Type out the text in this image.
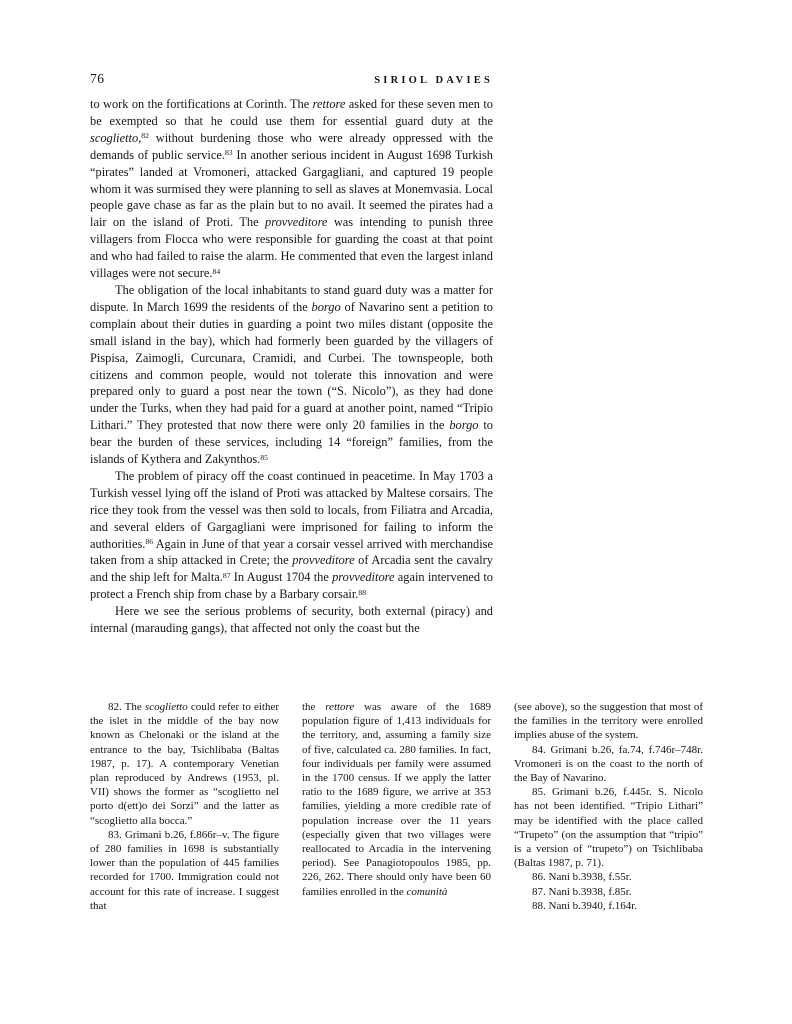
76	SIRIOL DAVIES

to work on the fortifications at Corinth. The rettore asked for these seven men to be exempted so that he could use them for essential guard duty at the scoglietto,$^{82}$ without burdening those who were already oppressed with the demands of public service.$^{83}$ In another serious incident in August 1698 Turkish “pirates” landed at Vromoneri, attacked Gargagliani, and captured 19 people whom it was surmised they were planning to sell as slaves at Monemvasia. Local people gave chase as far as the plain but to no avail. It seemed the pirates had a lair on the island of Proti. The provveditore was intending to punish three villagers from Flocca who were responsible for guarding the coast at that point and who had failed to raise the alarm. He commented that even the largest inland villages were not secure.$^{84}$

The obligation of the local inhabitants to stand guard duty was a matter for dispute. In March 1699 the residents of the borgo of Navarino sent a petition to complain about their duties in guarding a point two miles distant (opposite the small island in the bay), which had formerly been guarded by the villagers of Pispisa, Zaimogli, Curcunara, Cramidi, and Curbei. The townspeople, both citizens and common people, would not tolerate this innovation and were prepared only to guard a post near the town (“S. Nicolo”), as they had done under the Turks, when they had paid for a guard at another point, named “Tripio Lithari.” They protested that now there were only 20 families in the borgo to bear the burden of these services, including 14 “foreign” families, from the islands of Kythera and Zakynthos.$^{85}$

The problem of piracy off the coast continued in peacetime. In May 1703 a Turkish vessel lying off the island of Proti was attacked by Maltese corsairs. The rice they took from the vessel was then sold to locals, from Filiatra and Arcadia, and several elders of Gargagliani were imprisoned for failing to inform the authorities.$^{86}$ Again in June of that year a corsair vessel arrived with merchandise taken from a ship attacked in Crete; the provveditore of Arcadia sent the cavalry and the ship left for Malta.$^{87}$ In August 1704 the provveditore again intervened to protect a French ship from chase by a Barbary corsair.$^{88}$

Here we see the serious problems of security, both external (piracy) and internal (marauding gangs), that affected not only the coast but the

82. The scoglietto could refer to either the islet in the middle of the bay now known as Chelonaki or the island at the entrance to the bay, Tsichlibaba (Baltas 1987, p. 17). A contemporary Venetian plan reproduced by Andrews (1953, pl. VII) shows the former as “scoglietto nel porto d(ett)o dei Sorzi” and the latter as “scoglietto alla bocca.”

83. Grimani b.26, f.866r–v. The figure of 280 families in 1698 is substantially lower than the population of 445 families recorded for 1700. Immigration could not account for this rate of increase. I suggest that

the rettore was aware of the 1689 population figure of 1,413 individuals for the territory, and, assuming a family size of five, calculated ca. 280 families. In fact, four individuals per family were assumed in the 1700 census. If we apply the latter ratio to the 1689 figure, we arrive at 353 families, yielding a more credible rate of population increase over the 11 years (especially given that two villages were reallocated to Arcadia in the intervening period). See Panagiotopoulos 1985, pp. 226, 262. There should only have been 60 families enrolled in the comunità

(see above), so the suggestion that most of the families in the territory were enrolled implies abuse of the system.

84. Grimani b.26, fa.74, f.746r–748r. Vromoneri is on the coast to the north of the Bay of Navarino.

85. Grimani b.26, f.445r. S. Nicolo has not been identified. “Tripio Lithari” may be identified with the place called “Trupeto” (on the assumption that “tripio” is a version of “trupeto”) on Tsichlibaba (Baltas 1987, p. 71).

86. Nani b.3938, f.55r.

87. Nani b.3938, f.85r.

88. Nani b.3940, f.164r.
